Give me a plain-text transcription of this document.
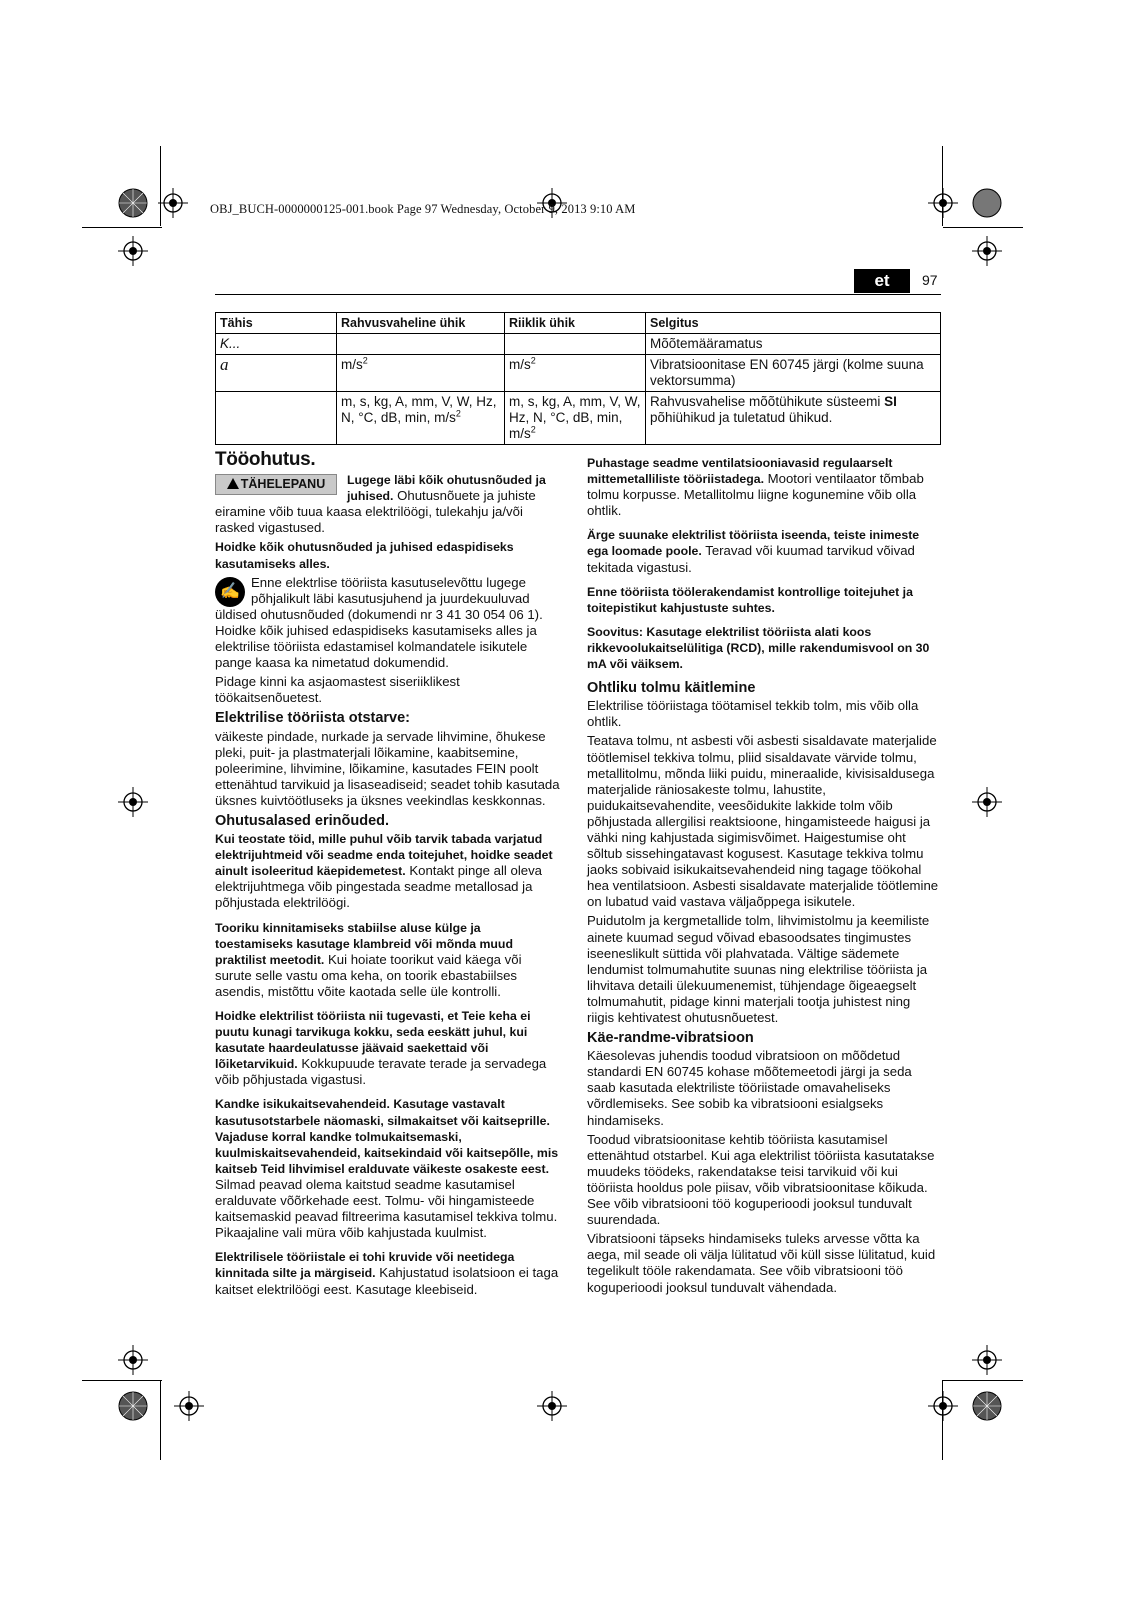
OBJ_BUCH-0000000125-001.book Page 97 Wednesday, October 9, 2013 9:10 AM
et	97
Tähis	Rahvusvaheline ühik	Riiklik ühik	Selgitus
K...			Mõõtemääramatus
a	$m/s^2$	$m/s^2$	Vibratsioonitase EN 60745 järgi (kolme suuna vektorsumma)
	m, s, kg, A, mm, V, W, Hz, N, °C, dB, min, $m/s^2$	m, s, kg, A, mm, V, W, Hz, N, °C, dB, min, $m/s^2$	Rahvusvahelise mõõtühikute süsteemi SI põhiühikud ja tuletatud ühikud.
Tööohutus.
TÄHELEPANU	Lugege läbi kõik ohutusnõuded ja juhised. Ohutusnõuete ja juhiste eiramine võib tuua kaasa elektrilöögi, tulekahju ja/või rasked vigastused.

Hoidke kõik ohutusnõuded ja juhised edaspidiseks kasutamiseks alles.

✍

Enne elektrlise tööriista kasutuselevõttu lugege põhjalikult läbi kasutusjuhend ja juurdekuuluvad üldised ohutusnõuded (dokumendi nr 3 41 30 054 06 1). Hoidke kõik juhised edaspidiseks kasutamiseks alles ja elektrilise tööriista edastamisel kolmandatele isikutele pange kaasa ka nimetatud dokumendid.

Pidage kinni ka asjaomastest siseriiklikest töökaitsenõuetest.

Elektrilise tööriista otstarve:

väikeste pindade, nurkade ja servade lihvimine, õhukese pleki, puit- ja plastmaterjali lõikamine, kaabitsemine, poleerimine, lihvimine, lõikamine, kasutades FEIN poolt ettenähtud tarvikuid ja lisaseadiseid; seadet tohib kasutada üksnes kuivtöötluseks ja üksnes veekindlas keskkonnas.

Ohutusalased erinõuded.

Kui teostate töid, mille puhul võib tarvik tabada varjatud elektrijuhtmeid või seadme enda toitejuhet, hoidke seadet ainult isoleeritud käepidemetest. Kontakt pinge all oleva elektrijuhtmega võib pingestada seadme metallosad ja põhjustada elektrilöögi.

Tooriku kinnitamiseks stabiilse aluse külge ja toestamiseks kasutage klambreid või mõnda muud praktilist meetodit. Kui hoiate toorikut vaid käega või surute selle vastu oma keha, on toorik ebastabiilses asendis, mistõttu võite kaotada selle üle kontrolli.

Hoidke elektrilist tööriista nii tugevasti, et Teie keha ei puutu kunagi tarvikuga kokku, seda eeskätt juhul, kui kasutate haardeulatusse jäävaid saekettaid või lõiketarvikuid. Kokkupuude teravate terade ja servadega võib põhjustada vigastusi.

Kandke isikukaitsevahendeid. Kasutage vastavalt kasutusotstarbele näomaski, silmakaitset või kaitseprille. Vajaduse korral kandke tolmukaitsemaski, kuulmiskaitsevahendeid, kaitsekindaid või kaitsepõlle, mis kaitseb Teid lihvimisel eralduvate väikeste osakeste eest. Silmad peavad olema kaitstud seadme kasutamisel eralduvate võõrkehade eest. Tolmu- või hingamisteede kaitsemaskid peavad filtreerima kasutamisel tekkiva tolmu. Pikaajaline vali müra võib kahjustada kuulmist.

Elektrilisele tööriistale ei tohi kruvide või neetidega kinnitada silte ja märgiseid. Kahjustatud isolatsioon ei taga kaitset elektrilöögi eest. Kasutage kleebiseid.

Puhastage seadme ventilatsiooniavasid regulaarselt mittemetalliliste tööriistadega. Mootori ventilaator tõmbab tolmu korpusse. Metallitolmu liigne kogunemine võib olla ohtlik.

Ärge suunake elektrilist tööriista iseenda, teiste inimeste ega loomade poole. Teravad või kuumad tarvikud võivad tekitada vigastusi.

Enne tööriista töölerakendamist kontrollige toitejuhet ja toitepistikut kahjustuste suhtes.

Soovitus: Kasutage elektrilist tööriista alati koos rikkevoolukaitselülitiga (RCD), mille rakendumisvool on 30 mA või väiksem.

Ohtliku tolmu käitlemine

Elektrilise tööriistaga töötamisel tekkib tolm, mis võib olla ohtlik.

Teatava tolmu, nt asbesti või asbesti sisaldavate materjalide töötlemisel tekkiva tolmu, pliid sisaldavate värvide tolmu, metallitolmu, mõnda liiki puidu, mineraalide, kivisisaldusega materjalide räniosakeste tolmu, lahustite, puidukaitsevahendite, veesõidukite lakkide tolm võib põhjustada allergilisi reaktsioone, hingamisteede haigusi ja vähki ning kahjustada sigimisvõimet. Haigestumise oht sõltub sissehingatavast kogusest. Kasutage tekkiva tolmu jaoks sobivaid isikukaitsevahendeid ning tagage töökohal hea ventilatsioon. Asbesti sisaldavate materjalide töötlemine on lubatud vaid vastava väljaõppega isikutele.

Puidutolm ja kergmetallide tolm, lihvimistolmu ja keemiliste ainete kuumad segud võivad ebasoodsates tingimustes iseeneslikult süttida või plahvatada. Vältige sädemete lendumist tolmumahutite suunas ning elektrilise tööriista ja lihvitava detaili ülekuumenemist, tühjendage õigeaegselt tolmumahutit, pidage kinni materjali tootja juhistest ning riigis kehtivatest ohutusnõuetest.

Käe-randme-vibratsioon

Käesolevas juhendis toodud vibratsioon on mõõdetud standardi EN 60745 kohase mõõtemeetodi järgi ja seda saab kasutada elektriliste tööriistade omavaheliseks võrdlemiseks. See sobib ka vibratsiooni esialgseks hindamiseks.

Toodud vibratsioonitase kehtib tööriista kasutamisel ettenähtud otstarbel. Kui aga elektrilist tööriista kasutatakse muudeks töödeks, rakendatakse teisi tarvikuid või kui tööriista hooldus pole piisav, võib vibratsioonitase kõikuda. See võib vibratsiooni töö koguperioodi jooksul tunduvalt suurendada.

Vibratsiooni täpseks hindamiseks tuleks arvesse võtta ka aega, mil seade oli välja lülitatud või küll sisse lülitatud, kuid tegelikult tööle rakendamata. See võib vibratsiooni töö koguperioodi jooksul tunduvalt vähendada.
